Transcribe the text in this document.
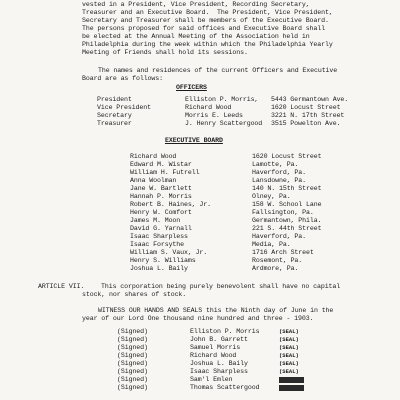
vested in a President, Vice President, Recording Secretary,
Treasurer and an Executive Board.  The President, Vice President,
Secretary and Treasurer shall be members of the Executive Board.
The persons proposed for said offices and Executive Board shall
be elected at the Annual Meeting of the Association held in
Philadelphia during the week within which the Philadelphia Yearly
Meeting of Friends shall hold its sessions.
The names and residences of the current Officers and Executive
Board are as follows:
OFFICERS
President	Elliston P. Morris, 5443 Germantown Ave.
Vice President	Richard Wood	1620 Locust Street
Secretary	Morris E. Leeds	3221 N. 17th Street
Treasurer	J. Henry Scattergood 3515 Powelton Ave.
EXECUTIVE BOARD
Richard Wood	1620 Locust Street
Edward M. Wistar	Lamotte, Pa.
William H. Futrell	Haverford, Pa.
Anna Woolman	Lansdowne, Pa.
Jane W. Bartlett	140 N. 15th Street
Hannah P. Morris	Olney, Pa.
Robert B. Haines, Jr.	158 W. School Lane
Henry W. Comfort	Fallsington, Pa.
James M. Moon	Germantown, Phila.
David G. Yarnall	221 S. 44th Street
Isaac Sharpless	Haverford, Pa.
Isaac Forsythe	Media, Pa.
William S. Vaux, Jr.	1716 Arch Street
Henry S. Williams	Rosemont, Pa.
Joshua L. Baily	Ardmore, Pa.
ARTICLE VII.	This corporation being purely benevolent shall have no capital
stock, nor shares of stock.
WITNESS OUR HANDS AND SEALS this the Ninth day of June in the
year of our Lord One thousand nine hundred and three - 1903.
(Signed)	Elliston P. Morris	(SEAL)
(Signed)	John B. Garrett	(SEAL)
(Signed)	Samuel Morris	(SEAL)
(Signed)	Richard Wood	(SEAL)
(Signed)	Joshua L. Baily	(SEAL)
(Signed)	Isaac Sharpless	(SEAL)
(Signed)	Sam'l Emlen
(Signed)	Thomas Scattergood
